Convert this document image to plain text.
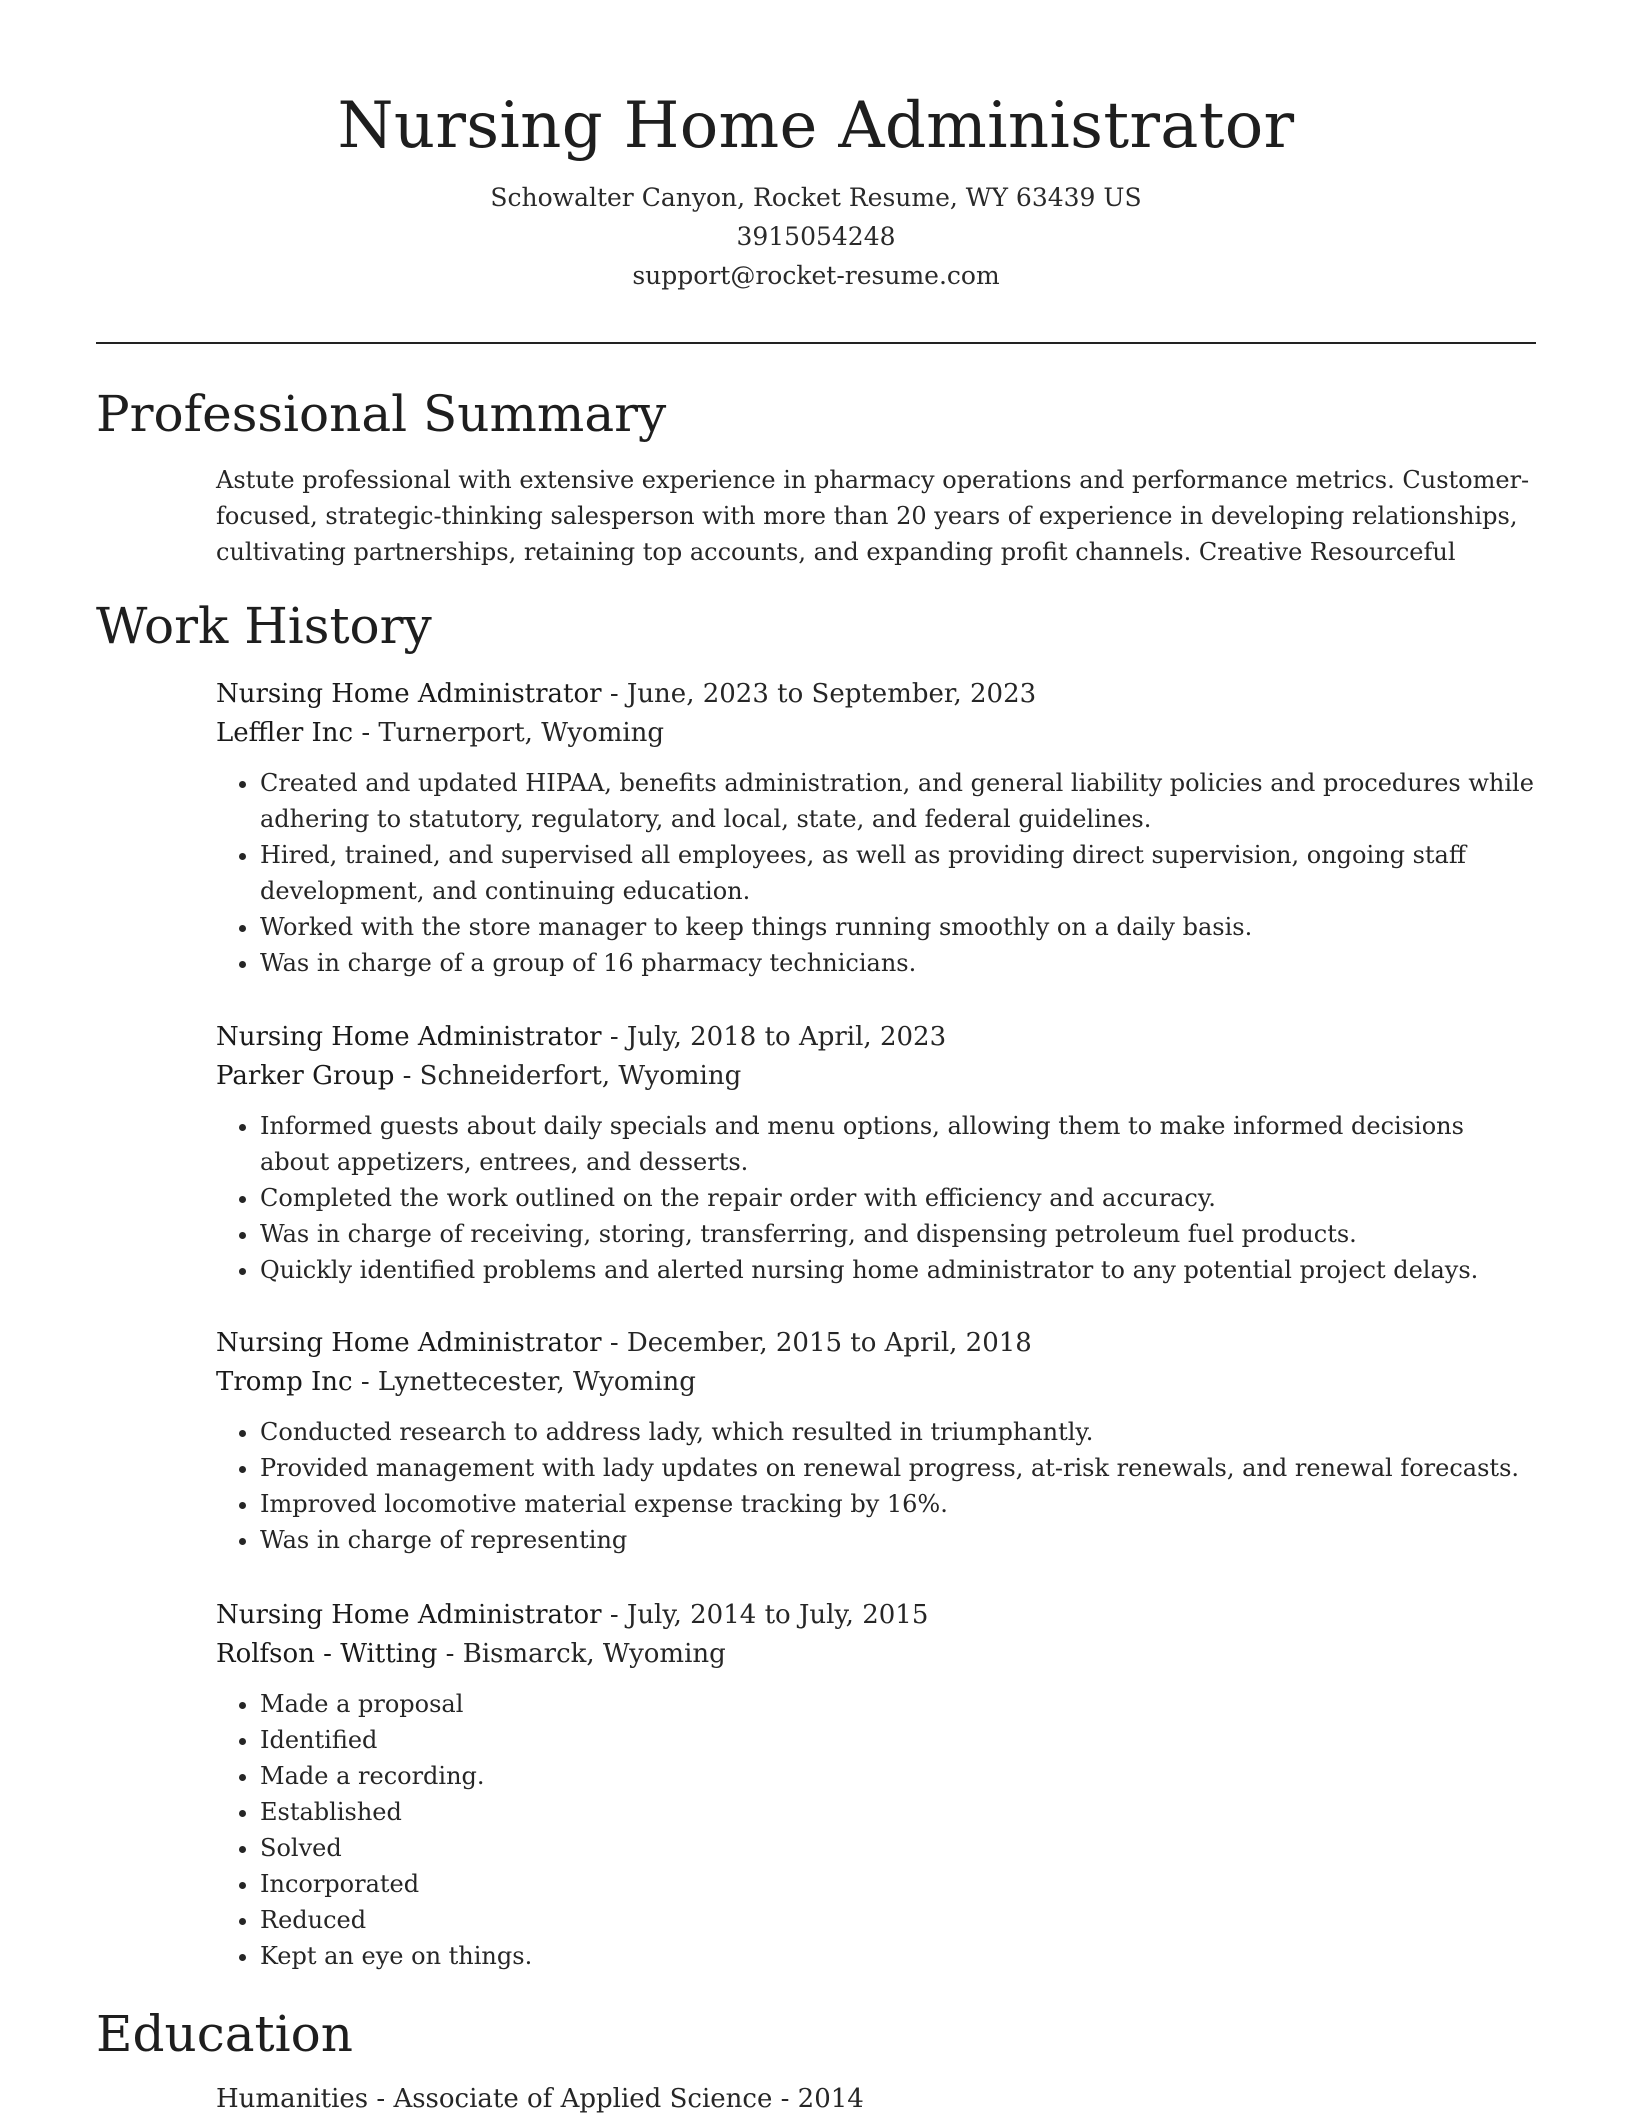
Nursing Home Administrator
Schowalter Canyon, Rocket Resume, WY 63439 US
3915054248
support@rocket-resume.com
Professional Summary

Astute professional with extensive experience in pharmacy operations and performance metrics. Customer-focused, strategic-thinking salesperson with more than 20 years of experience in developing relationships, cultivating partnerships, retaining top accounts, and expanding profit channels. Creative Resourceful

Work History

Nursing Home Administrator - June, 2023 to September, 2023

Leffler Inc - Turnerport, Wyoming

• Created and updated HIPAA, benefits administration, and general liability policies and procedures while adhering to statutory, regulatory, and local, state, and federal guidelines.
• Hired, trained, and supervised all employees, as well as providing direct supervision, ongoing staff development, and continuing education.
• Worked with the store manager to keep things running smoothly on a daily basis.
• Was in charge of a group of 16 pharmacy technicians.

Nursing Home Administrator - July, 2018 to April, 2023

Parker Group - Schneiderfort, Wyoming

• Informed guests about daily specials and menu options, allowing them to make informed decisions about appetizers, entrees, and desserts.
• Completed the work outlined on the repair order with efficiency and accuracy.
• Was in charge of receiving, storing, transferring, and dispensing petroleum fuel products.
• Quickly identified problems and alerted nursing home administrator to any potential project delays.

Nursing Home Administrator - December, 2015 to April, 2018

Tromp Inc - Lynettecester, Wyoming

• Conducted research to address lady, which resulted in triumphantly.
• Provided management with lady updates on renewal progress, at-risk renewals, and renewal forecasts.
• Improved locomotive material expense tracking by 16%.
• Was in charge of representing

Nursing Home Administrator - July, 2014 to July, 2015

Rolfson - Witting - Bismarck, Wyoming

• Made a proposal
• Identified
• Made a recording.
• Established
• Solved
• Incorporated
• Reduced
• Kept an eye on things.
Education

Humanities - Associate of Applied Science - 2014
